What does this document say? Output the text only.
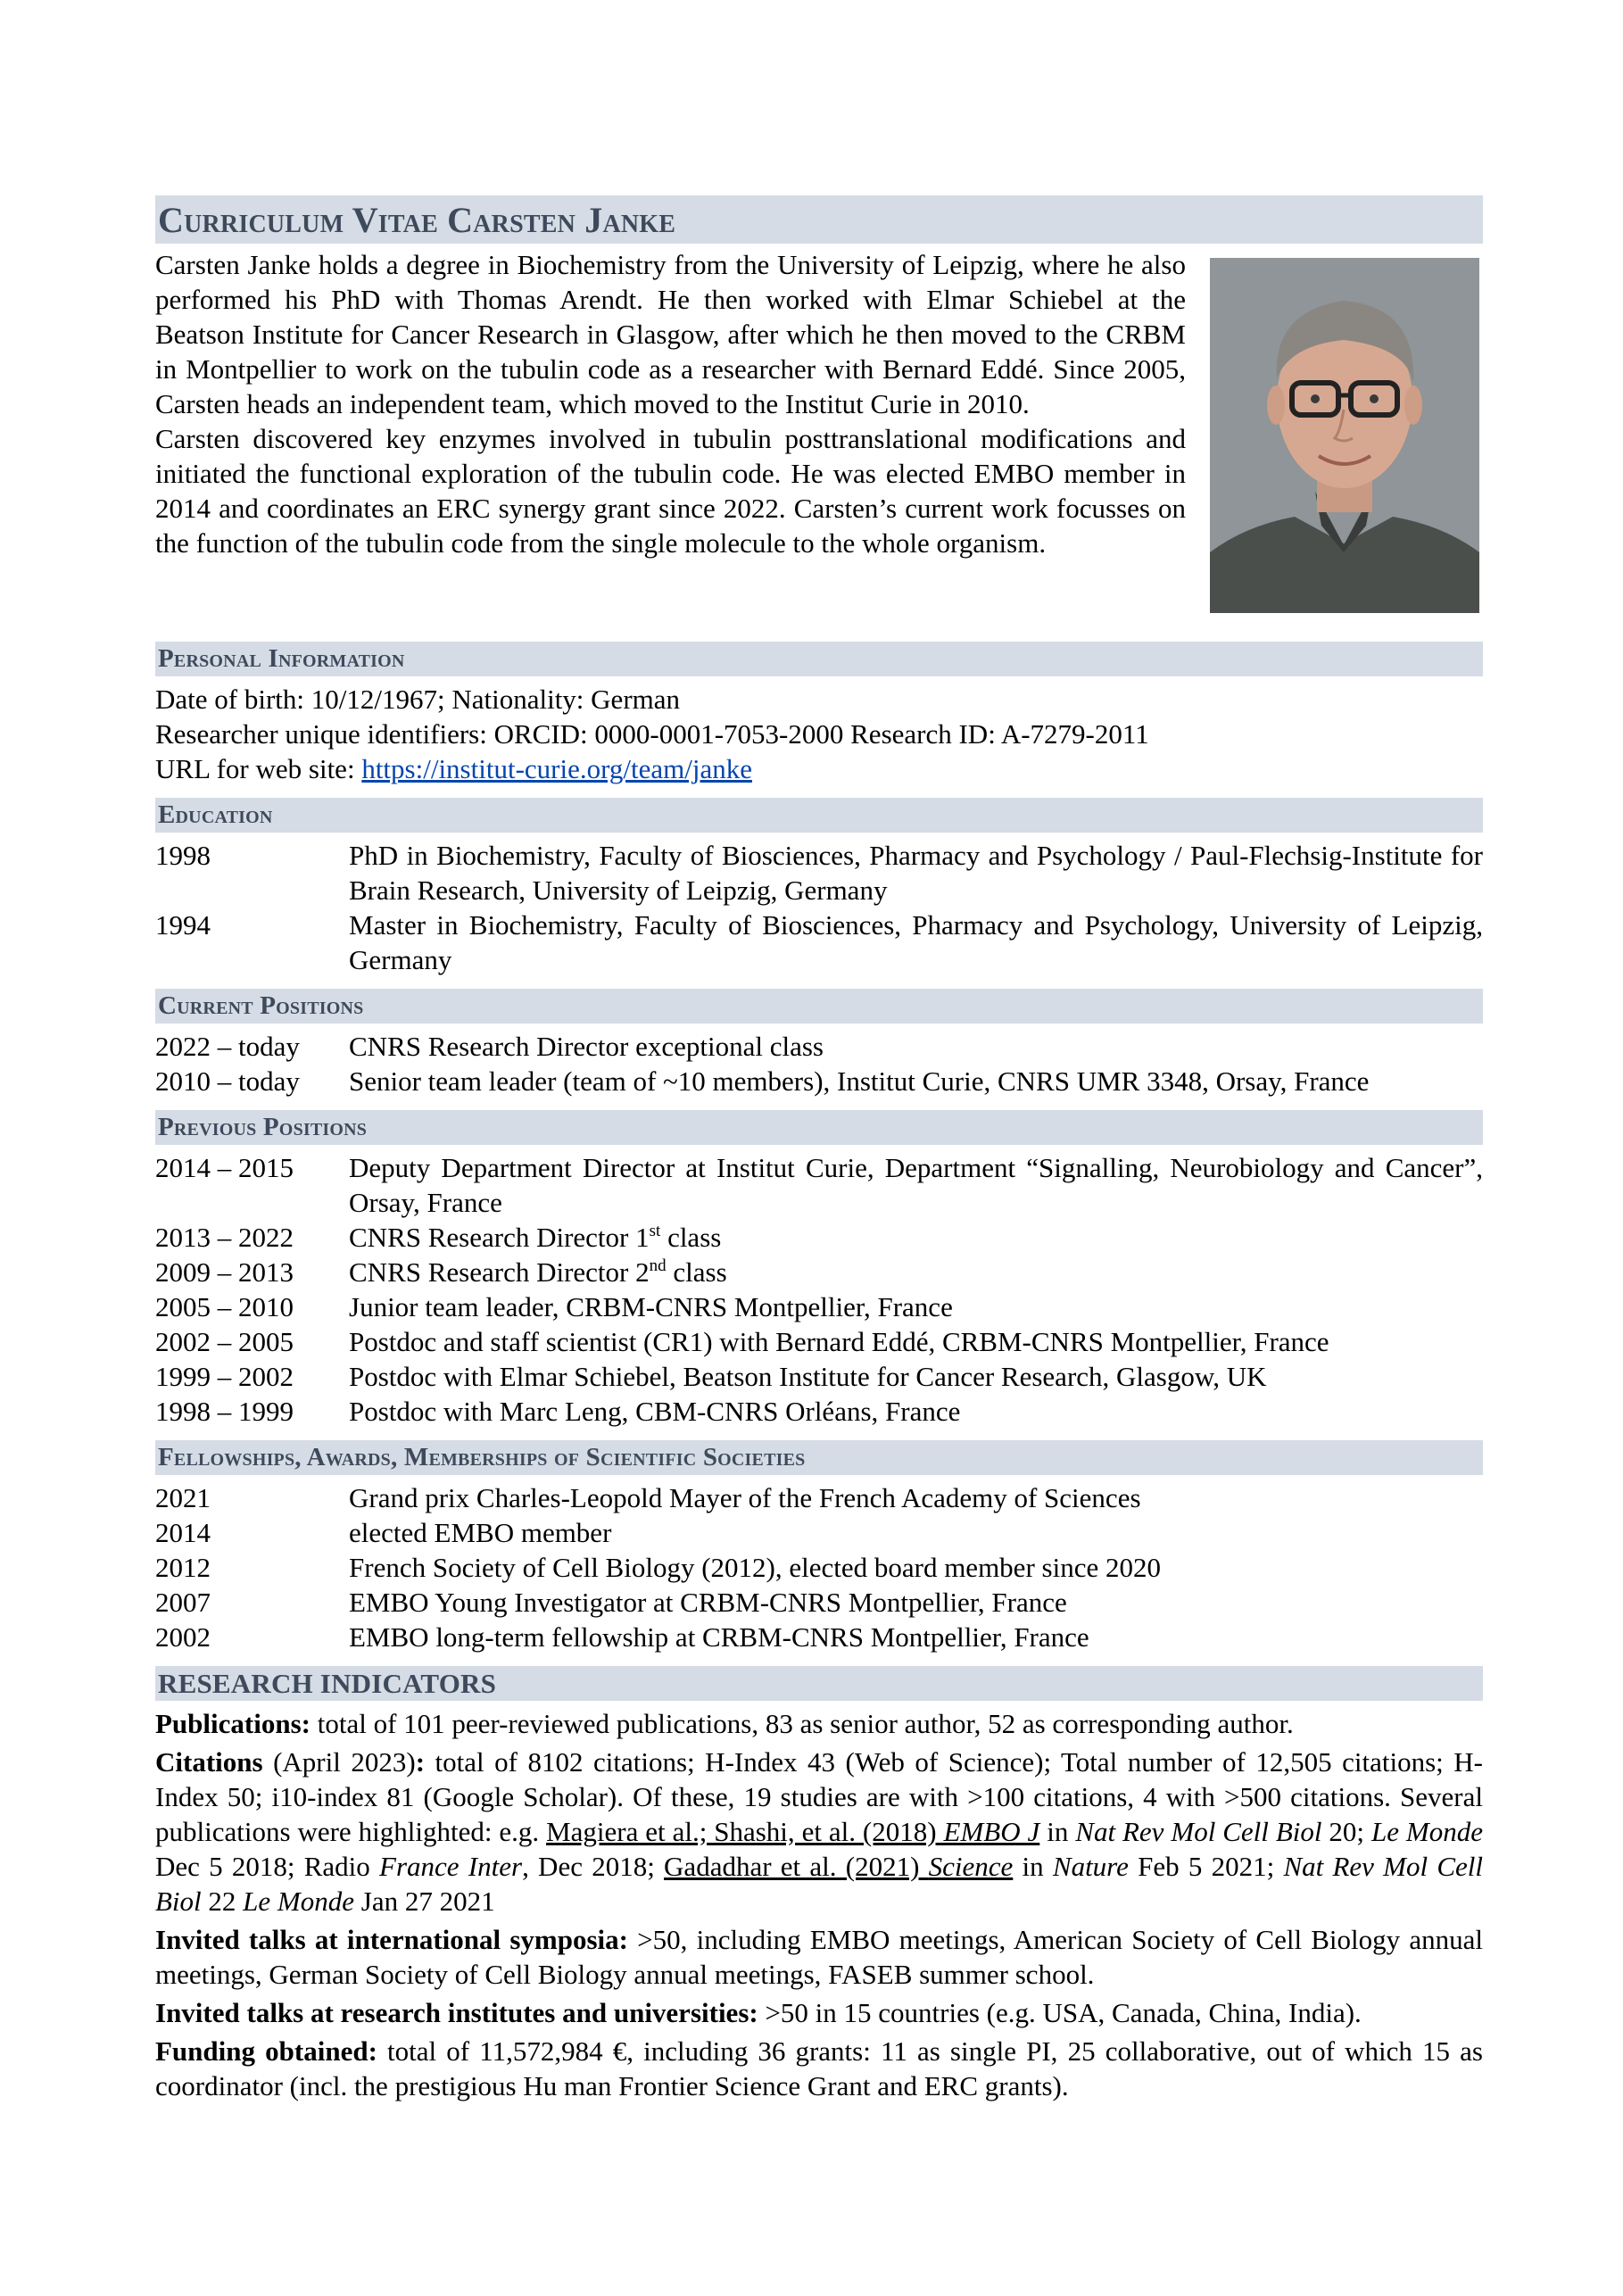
Curriculum Vitae Carsten Janke

Carsten Janke holds a degree in Biochemistry from the University of Leipzig, where he also performed his PhD with Thomas Arendt. He then worked with Elmar Schiebel at the Beatson Institute for Cancer Research in Glasgow, after which he then moved to the CRBM in Montpellier to work on the tubulin code as a researcher with Bernard Eddé. Since 2005, Carsten heads an independent team, which moved to the Institut Curie in 2010.

Carsten discovered key enzymes involved in tubulin posttranslational modifications and initiated the functional exploration of the tubulin code. He was elected EMBO member in 2014 and coordinates an ERC synergy grant since 2022. Carsten’s current work focusses on the function of the tubulin code from the single molecule to the whole organism.

Personal Information

Date of birth: 10/12/1967; Nationality: German

Researcher unique identifiers: ORCID: 0000-0001-7053-2000 Research ID: A-7279-2011

URL for web site: https://institut-curie.org/team/janke

Education
1998	PhD in Biochemistry, Faculty of Biosciences, Pharmacy and Psychology / Paul-Flechsig-Institute for Brain Research, University of Leipzig, Germany
1994	Master in Biochemistry, Faculty of Biosciences, Pharmacy and Psychology, University of Leipzig, Germany
Current Positions
2022 – today	CNRS Research Director exceptional class
2010 – today	Senior team leader (team of ~10 members), Institut Curie, CNRS UMR 3348, Orsay, France
Previous Positions
2014 – 2015	Deputy Department Director at Institut Curie, Department “Signalling, Neurobiology and Cancer”, Orsay, France
2013 – 2022	CNRS Research Director 1st class
2009 – 2013	CNRS Research Director 2nd class
2005 – 2010	Junior team leader, CRBM-CNRS Montpellier, France
2002 – 2005	Postdoc and staff scientist (CR1) with Bernard Eddé, CRBM-CNRS Montpellier, France
1999 – 2002	Postdoc with Elmar Schiebel, Beatson Institute for Cancer Research, Glasgow, UK
1998 – 1999	Postdoc with Marc Leng, CBM-CNRS Orléans, France
Fellowships, Awards, Memberships of Scientific Societies
2021	Grand prix Charles-Leopold Mayer of the French Academy of Sciences
2014	elected EMBO member
2012	French Society of Cell Biology (2012), elected board member since 2020
2007	EMBO Young Investigator at CRBM-CNRS Montpellier, France
2002	EMBO long-term fellowship at CRBM-CNRS Montpellier, France
RESEARCH INDICATORS

Publications: total of 101 peer-reviewed publications, 83 as senior author, 52 as corresponding author.

Citations (April 2023): total of 8102 citations; H-Index 43 (Web of Science); Total number of 12,505 citations; H-Index 50; i10-index 81 (Google Scholar). Of these, 19 studies are with >100 citations, 4 with >500 citations. Several publications were highlighted: e.g. Magiera et al.; Shashi, et al. (2018) EMBO J in Nat Rev Mol Cell Biol 20; Le Monde Dec 5 2018; Radio France Inter, Dec 2018; Gadadhar et al. (2021) Science in Nature Feb 5 2021; Nat Rev Mol Cell Biol 22 Le Monde Jan 27 2021

Invited talks at international symposia: >50, including EMBO meetings, American Society of Cell Biology annual meetings, German Society of Cell Biology annual meetings, FASEB summer school.

Invited talks at research institutes and universities: >50 in 15 countries (e.g. USA, Canada, China, India).

Funding obtained: total of 11,572,984 €, including 36 grants: 11 as single PI, 25 collaborative, out of which 15 as coordinator (incl. the prestigious Hu man Frontier Science Grant and ERC grants).
